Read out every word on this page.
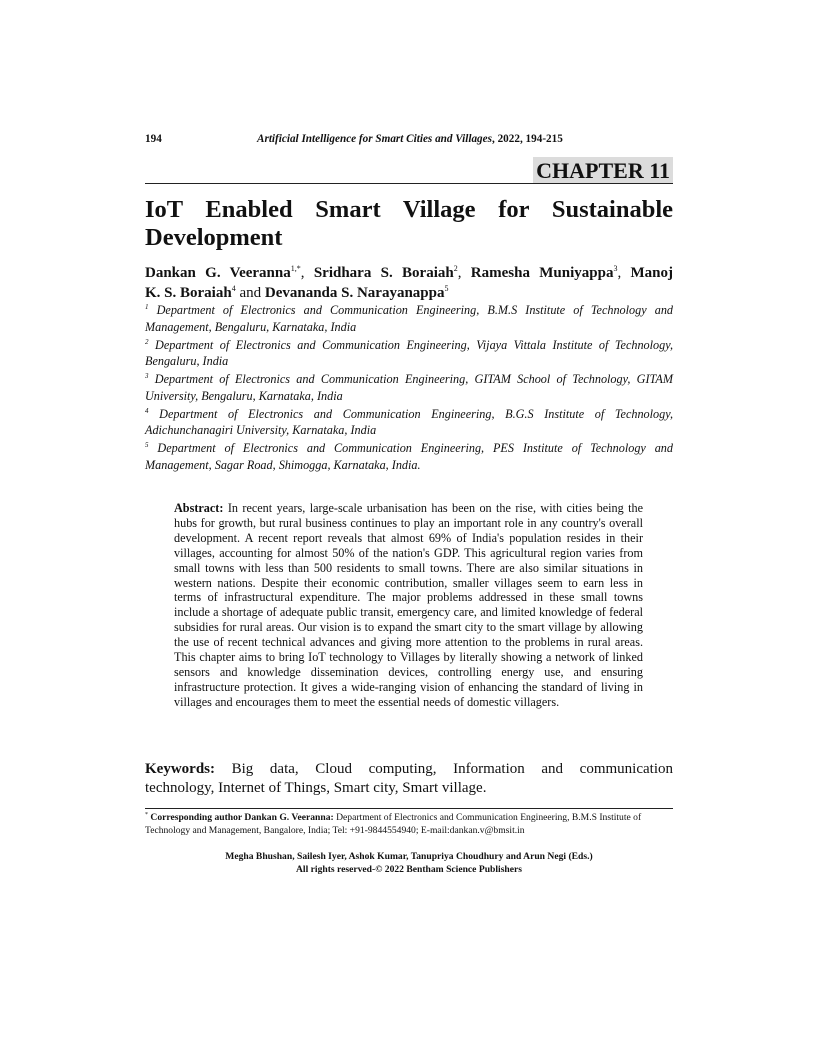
194	Artificial Intelligence for Smart Cities and Villages, 2022, 194-215
CHAPTER 11
IoT Enabled Smart Village for Sustainable
Development
Dankan G. Veeranna$^{1,*}$, Sridhara S. Boraiah$^2$, Ramesha Muniyappa$^3$, Manoj
K. S. Boraiah$^4$ and Devananda S. Narayanappa$^5$
$^1$ Department of Electronics and Communication Engineering, B.M.S Institute of Technology and Management, Bengaluru, Karnataka, India
$^2$ Department of Electronics and Communication Engineering, Vijaya Vittala Institute of Technology, Bengaluru, India
$^3$ Department of Electronics and Communication Engineering, GITAM School of Technology, GITAM University, Bengaluru, Karnataka, India
$^4$ Department of Electronics and Communication Engineering, B.G.S Institute of Technology, Adichunchanagiri University, Karnataka, India
$^5$ Department of Electronics and Communication Engineering, PES Institute of Technology and Management, Sagar Road, Shimogga, Karnataka, India.
Abstract: In recent years, large-scale urbanisation has been on the rise, with cities being the hubs for growth, but rural business continues to play an important role in any country's overall development. A recent report reveals that almost 69% of India's population resides in their villages, accounting for almost 50% of the nation's GDP. This agricultural region varies from small towns with less than 500 residents to small towns. There are also similar situations in western nations. Despite their economic contribution, smaller villages seem to earn less in terms of infrastructural expenditure. The major problems addressed in these small towns include a shortage of adequate public transit, emergency care, and limited knowledge of federal subsidies for rural areas. Our vision is to expand the smart city to the smart village by allowing the use of recent technical advances and giving more attention to the problems in rural areas. This chapter aims to bring IoT technology to Villages by literally showing a network of linked sensors and knowledge dissemination devices, controlling energy use, and ensuring infrastructure protection. It gives a wide-ranging vision of enhancing the standard of living in villages and encourages them to meet the essential needs of domestic villagers.
Keywords: Big data, Cloud computing, Information and communication
technology, Internet of Things, Smart city, Smart village.
* Corresponding author Dankan G. Veeranna: Department of Electronics and Communication Engineering, B.M.S Institute of Technology and Management, Bangalore, India; Tel: +91-9844554940; E-mail:dankan.v@bmsit.in
Megha Bhushan, Sailesh Iyer, Ashok Kumar, Tanupriya Choudhury and Arun Negi (Eds.)
All rights reserved-© 2022 Bentham Science Publishers
